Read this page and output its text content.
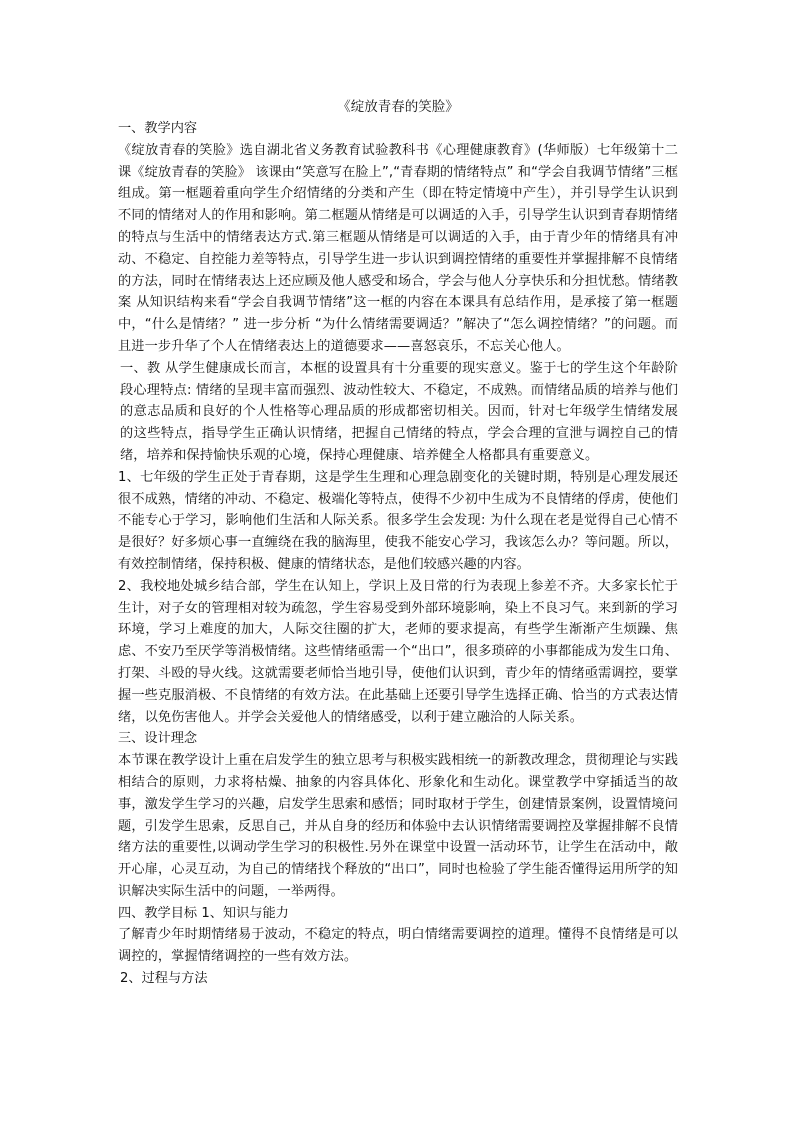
《绽放青春的笑脸》

一、教学内容

《绽放青春的笑脸》选自湖北省义务教育试验教科书《心理健康教育》(华师版）七年级第十二课《绽放青春的笑脸》 该课由“笑意写在脸上”,“青春期的情绪特点” 和“学会自我调节情绪”三框组成。第一框题着重向学生介绍情绪的分类和产生（即在特定情境中产生），并引导学生认识到不同的情绪对人的作用和影响。第二框题从情绪是可以调适的入手，引导学生认识到青春期情绪的特点与生活中的情绪表达方式.第三框题从情绪是可以调适的入手，由于青少年的情绪具有冲动、不稳定、自控能力差等特点，引导学生进一步认识到调控情绪的重要性并掌握排解不良情绪的方法，同时在情绪表达上还应顾及他人感受和场合，学会与他人分享快乐和分担忧愁。情绪教案 从知识结构来看“学会自我调节情绪”这一框的内容在本课具有总结作用，是承接了第一框题中，“什么是情绪？” 进一步分析 “为什么情绪需要调适？”解决了“怎么调控情绪？”的问题。而且进一步升华了个人在情绪表达上的道德要求——喜怒哀乐，不忘关心他人。

一、教 从学生健康成长而言，本框的设置具有十分重要的现实意义。鉴于七的学生这个年龄阶段心理特点: 情绪的呈现丰富而强烈、波动性较大、不稳定，不成熟。而情绪品质的培养与他们的意志品质和良好的个人性格等心理品质的形成都密切相关。因而，针对七年级学生情绪发展的这些特点，指导学生正确认识情绪，把握自己情绪的特点，学会合理的宣泄与调控自己的情绪，培养和保持愉快乐观的心境，保持心理健康、培养健全人格都具有重要意义。

1、七年级的学生正处于青春期，这是学生生理和心理急剧变化的关键时期，特别是心理发展还很不成熟，情绪的冲动、不稳定、极端化等特点，使得不少初中生成为不良情绪的俘虏，使他们不能专心于学习，影响他们生活和人际关系。很多学生会发现: 为什么现在老是觉得自己心情不是很好？好多烦心事一直缠绕在我的脑海里，使我不能安心学习，我该怎么办？等问题。所以，有效控制情绪，保持积极、健康的情绪状态，是他们较感兴趣的内容。

2、我校地处城乡结合部，学生在认知上，学识上及日常的行为表现上参差不齐。大多家长忙于生计，对子女的管理相对较为疏忽，学生容易受到外部环境影响，染上不良习气。来到新的学习环境，学习上难度的加大，人际交往圈的扩大，老师的要求提高，有些学生渐渐产生烦躁、焦虑、不安乃至厌学等消极情绪。这些情绪亟需一个“出口”，很多琐碎的小事都能成为发生口角、打架、斗殴的导火线。这就需要老师恰当地引导，使他们认识到，青少年的情绪亟需调控，要掌握一些克服消极、不良情绪的有效方法。在此基础上还要引导学生选择正确、恰当的方式表达情绪，以免伤害他人。并学会关爱他人的情绪感受，以利于建立融洽的人际关系。

三、设计理念

本节课在教学设计上重在启发学生的独立思考与积极实践相统一的新教改理念，贯彻理论与实践相结合的原则，力求将枯燥、抽象的内容具体化、形象化和生动化。课堂教学中穿插适当的故事，激发学生学习的兴趣，启发学生思索和感悟；同时取材于学生，创建情景案例，设置情境问题，引发学生思索，反思自己，并从自身的经历和体验中去认识情绪需要调控及掌握排解不良情绪方法的重要性,以调动学生学习的积极性.另外在课堂中设置一活动环节，让学生在活动中，敞开心扉，心灵互动，为自己的情绪找个释放的“出口”，同时也检验了学生能否懂得运用所学的知识解决实际生活中的问题，一举两得。

四、教学目标 1、知识与能力

了解青少年时期情绪易于波动，不稳定的特点，明白情绪需要调控的道理。懂得不良情绪是可以调控的，掌握情绪调控的一些有效方法。

2、过程与方法
